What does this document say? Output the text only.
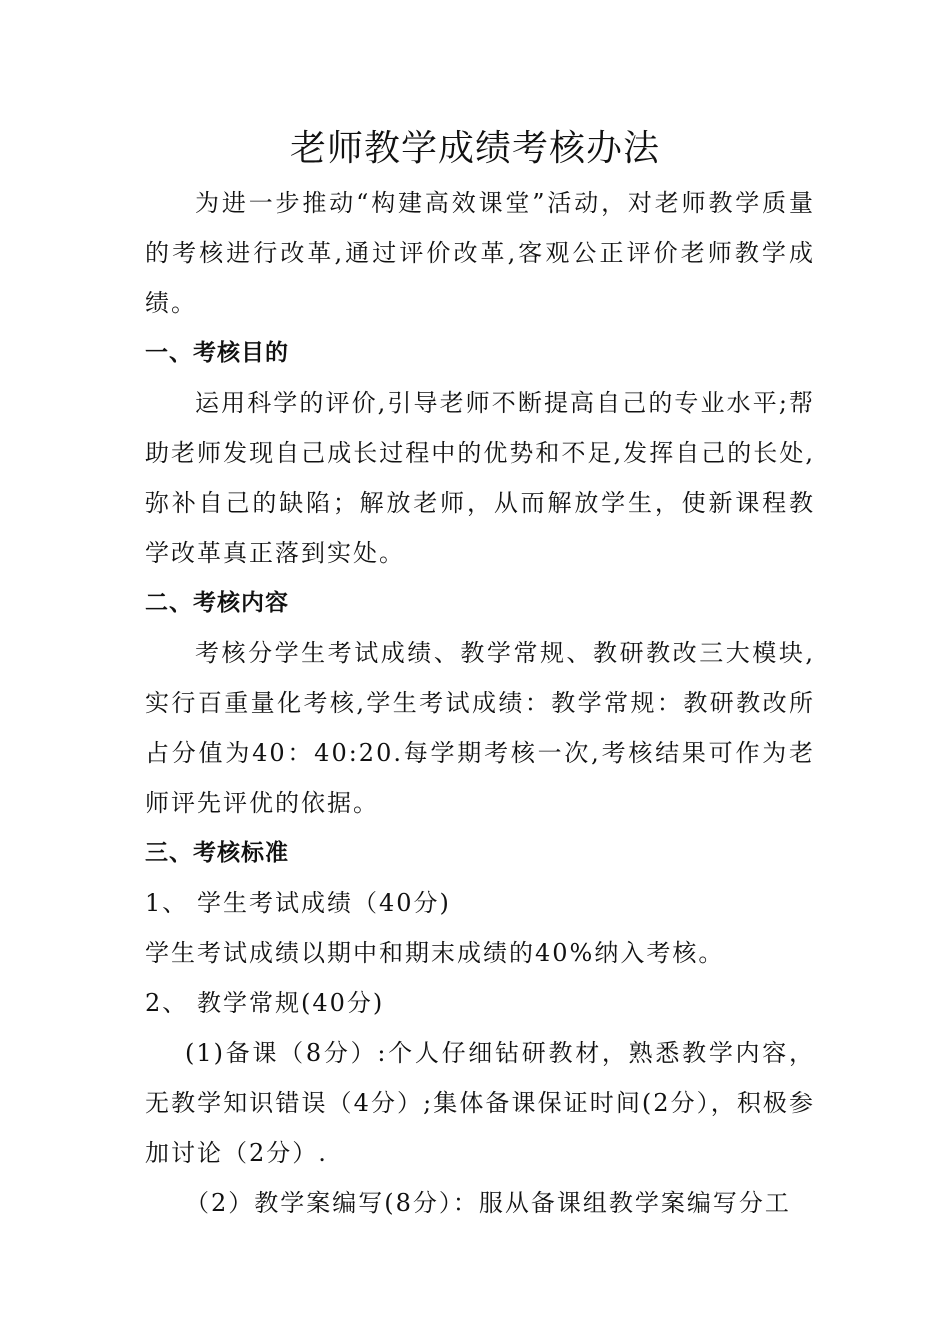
老师教学成绩考核办法

为进一步推动“构建高效课堂”活动，对老师教学质量的考核进行改革,通过评价改革,客观公正评价老师教学成绩。

一、考核目的

运用科学的评价,引导老师不断提高自己的专业水平;帮助老师发现自己成长过程中的优势和不足,发挥自己的长处,弥补自己的缺陷；解放老师，从而解放学生，使新课程教学改革真正落到实处。

二、考核内容

考核分学生考试成绩、教学常规、教研教改三大模块,实行百重量化考核,学生考试成绩：教学常规：教研教改所占分值为40：40:20.每学期考核一次,考核结果可作为老师评先评优的依据。

三、考核标准

1、 学生考试成绩（40分)

学生考试成绩以期中和期末成绩的40%纳入考核。

2、 教学常规(40分)

(1)备课（8分）:个人仔细钻研教材，熟悉教学内容，无教学知识错误（4分）;集体备课保证时间(2分），积极参加讨论（2分）.

（2）教学案编写(8分）：服从备课组教学案编写分工
